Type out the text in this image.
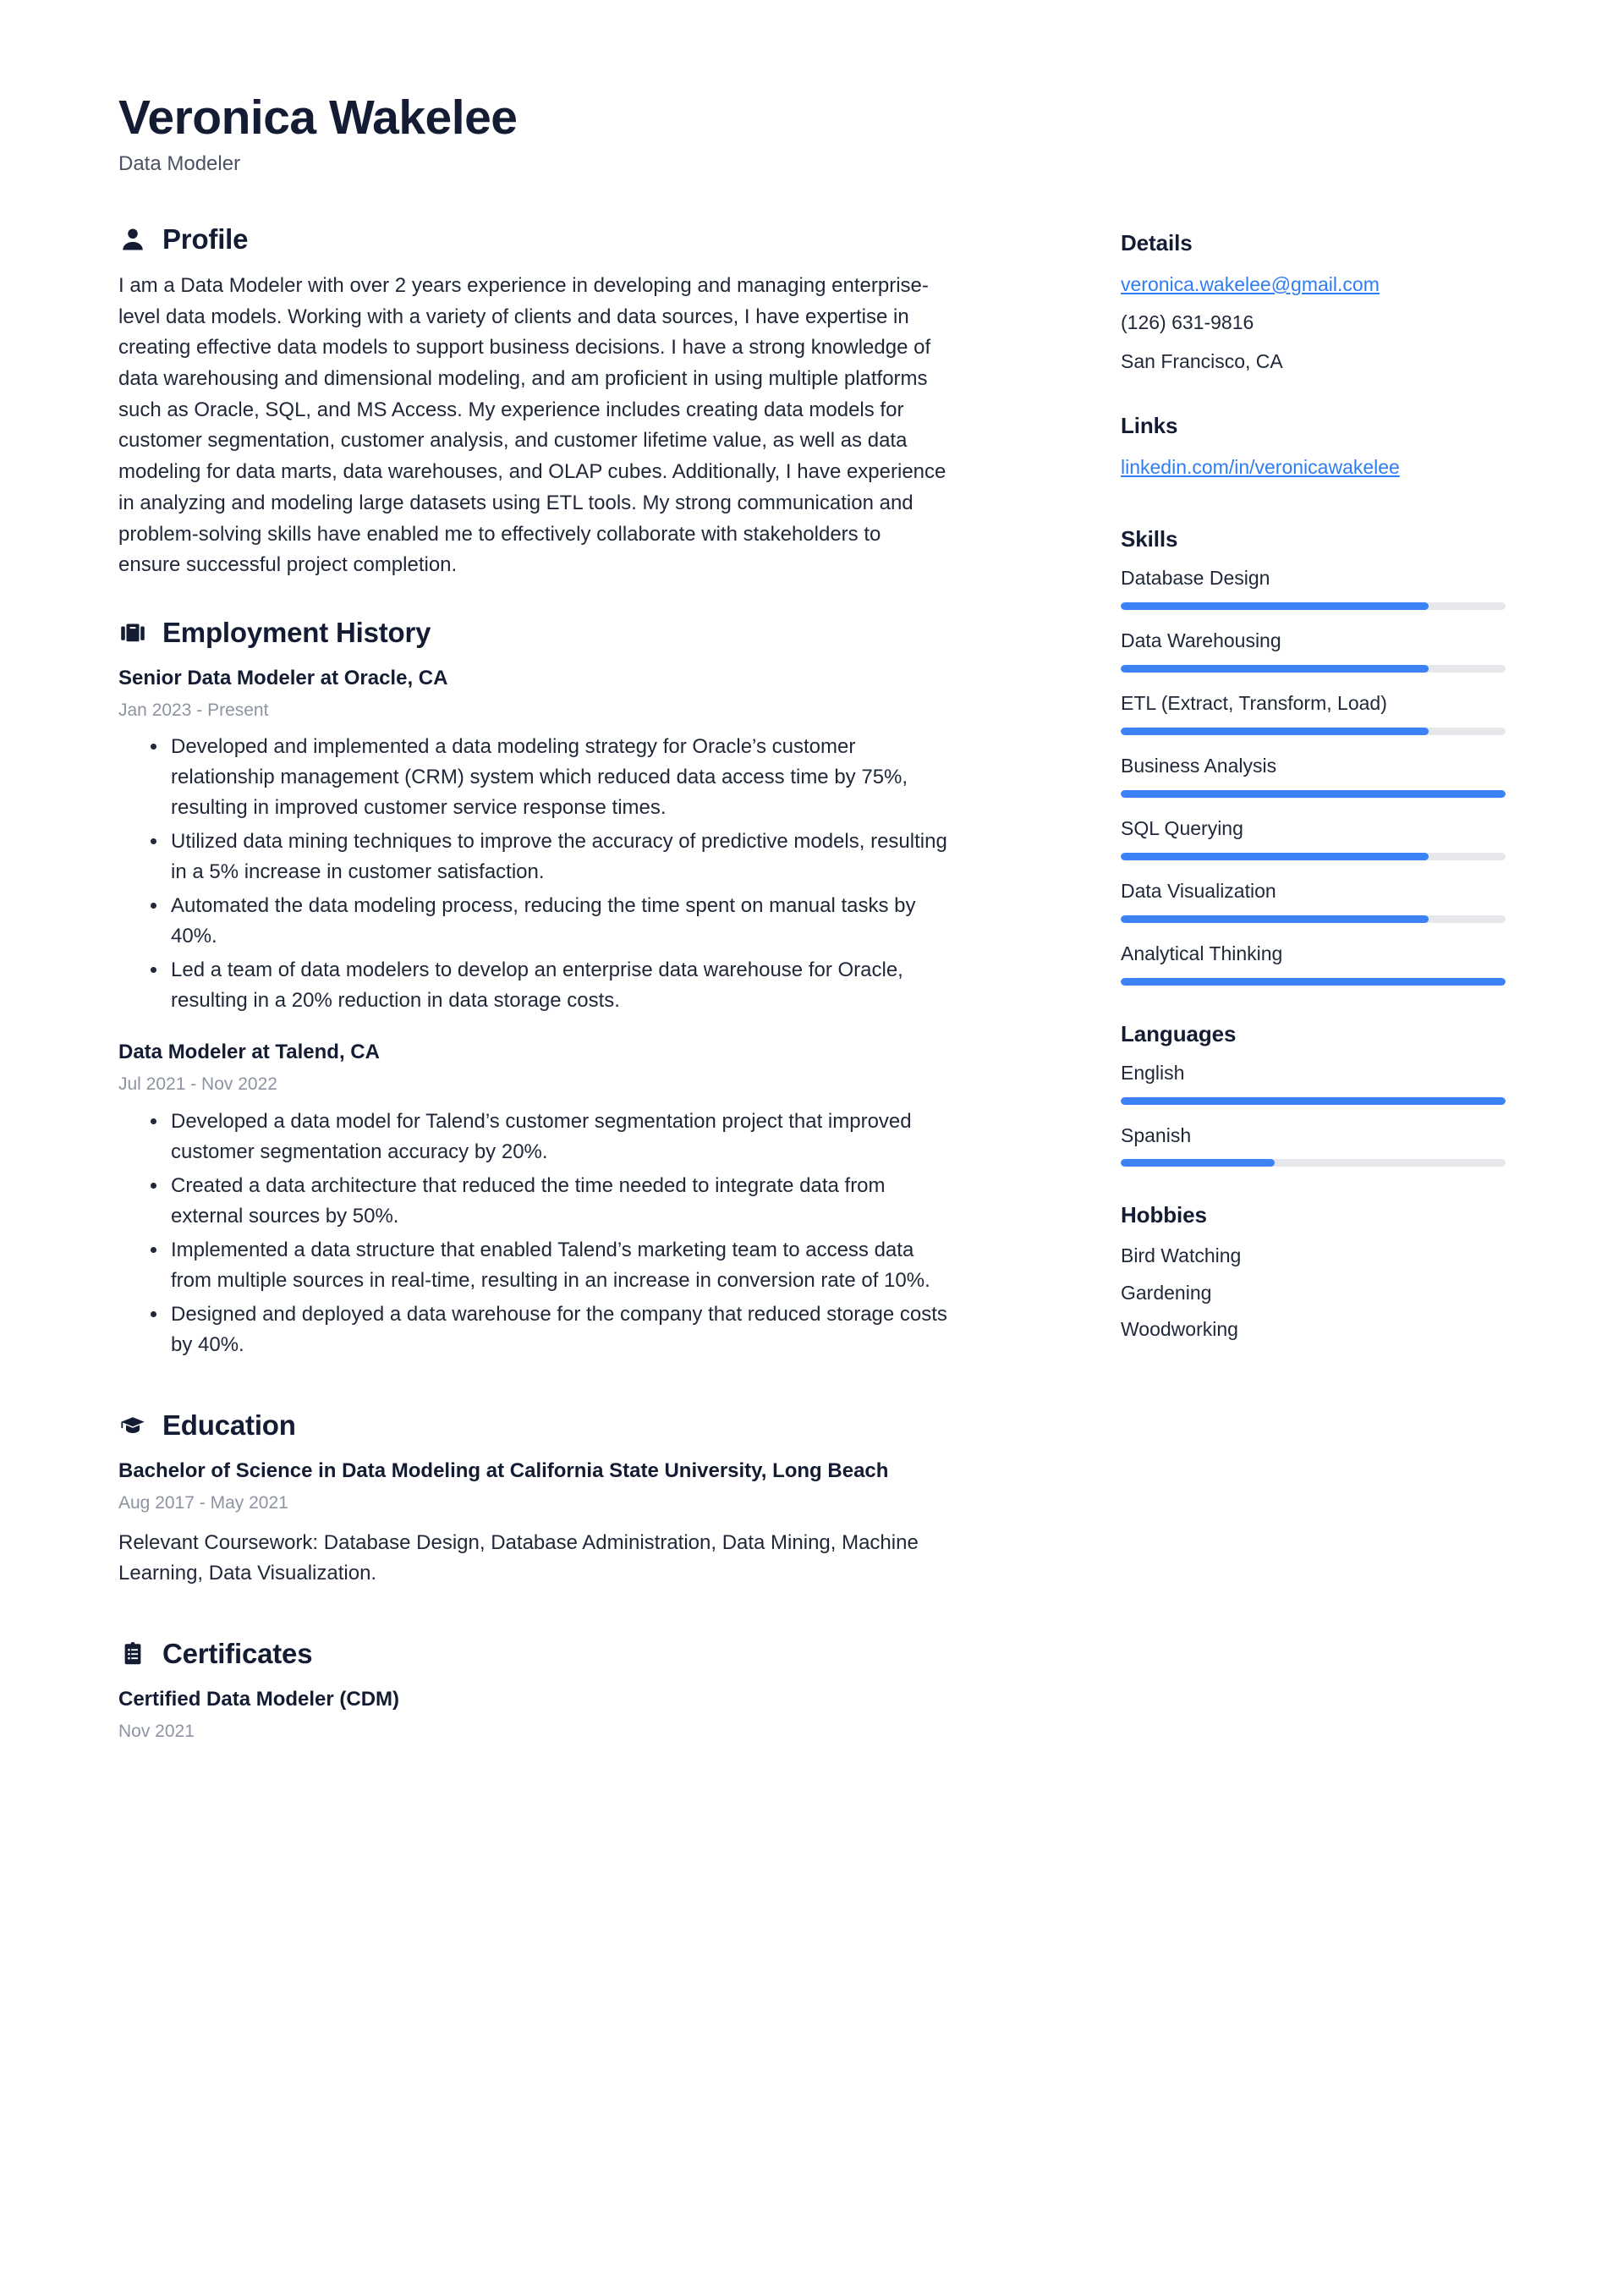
Veronica Wakelee
Data Modeler
Profile
I am a Data Modeler with over 2 years experience in developing and managing enterprise-level data models. Working with a variety of clients and data sources, I have expertise in creating effective data models to support business decisions. I have a strong knowledge of data warehousing and dimensional modeling, and am proficient in using multiple platforms such as Oracle, SQL, and MS Access. My experience includes creating data models for customer segmentation, customer analysis, and customer lifetime value, as well as data modeling for data marts, data warehouses, and OLAP cubes. Additionally, I have experience in analyzing and modeling large datasets using ETL tools. My strong communication and problem-solving skills have enabled me to effectively collaborate with stakeholders to ensure successful project completion.
Employment History
Senior Data Modeler at Oracle, CA
Jan 2023 - Present
Developed and implemented a data modeling strategy for Oracle’s customer relationship management (CRM) system which reduced data access time by 75%, resulting in improved customer service response times.
Utilized data mining techniques to improve the accuracy of predictive models, resulting in a 5% increase in customer satisfaction.
Automated the data modeling process, reducing the time spent on manual tasks by 40%.
Led a team of data modelers to develop an enterprise data warehouse for Oracle, resulting in a 20% reduction in data storage costs.
Data Modeler at Talend, CA
Jul 2021 - Nov 2022
Developed a data model for Talend’s customer segmentation project that improved customer segmentation accuracy by 20%.
Created a data architecture that reduced the time needed to integrate data from external sources by 50%.
Implemented a data structure that enabled Talend’s marketing team to access data from multiple sources in real-time, resulting in an increase in conversion rate of 10%.
Designed and deployed a data warehouse for the company that reduced storage costs by 40%.
Education
Bachelor of Science in Data Modeling at California State University, Long Beach
Aug 2017 - May 2021
Relevant Coursework: Database Design, Database Administration, Data Mining, Machine Learning, Data Visualization.
Certificates
Certified Data Modeler (CDM)
Nov 2021
Details
veronica.wakelee@gmail.com
(126) 631-9816
San Francisco, CA
Links
linkedin.com/in/veronicawakelee
Skills
Database Design
Data Warehousing
ETL (Extract, Transform, Load)
Business Analysis
SQL Querying
Data Visualization
Analytical Thinking
Languages
English
Spanish
Hobbies
Bird Watching
Gardening
Woodworking
